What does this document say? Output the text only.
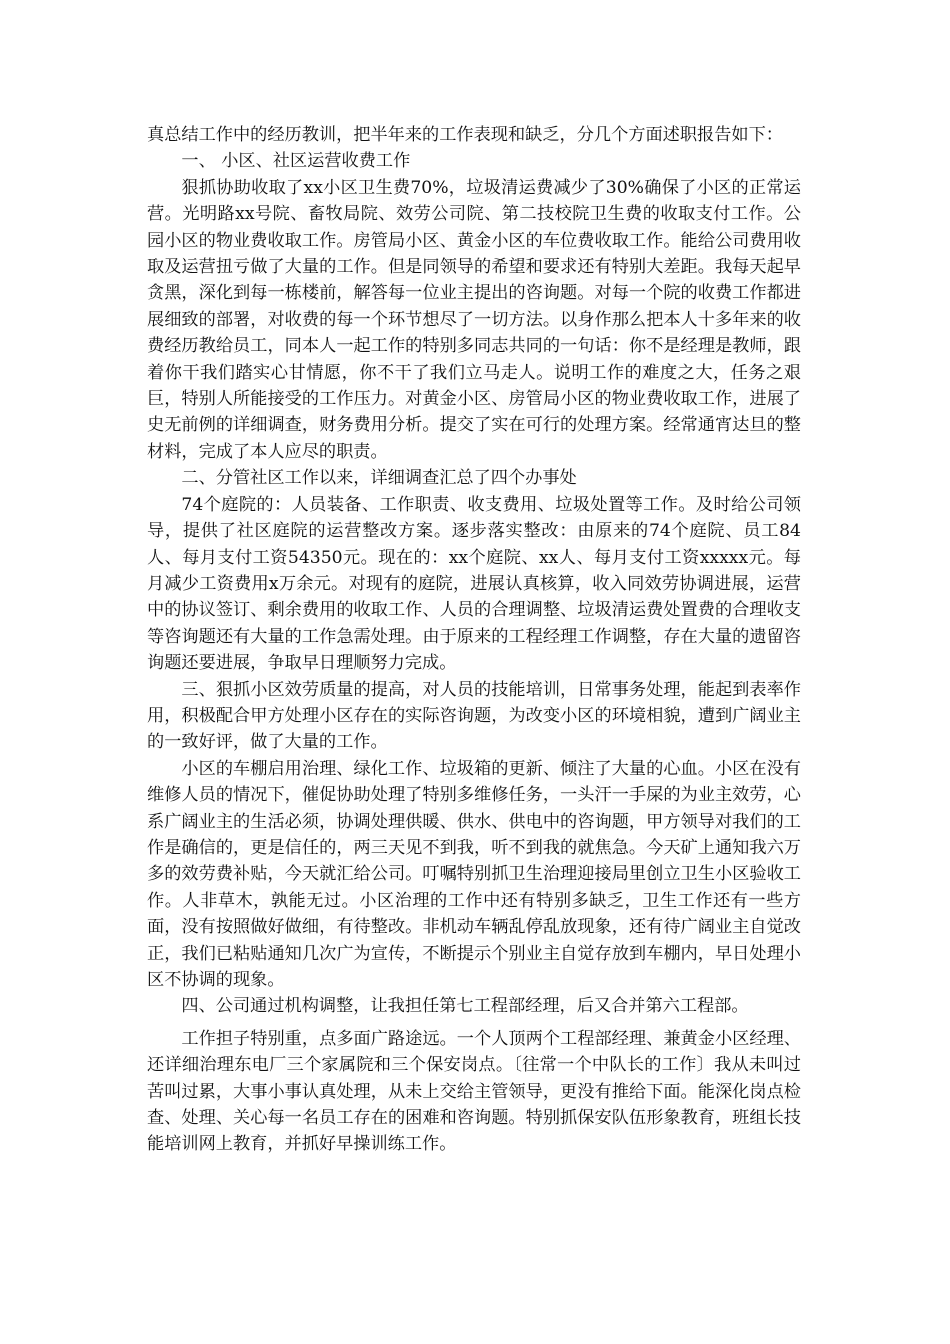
真总结工作中的经历教训，把半年来的工作表现和缺乏，分几个方面述职报告如下：

一、 小区、社区运营收费工作

狠抓协助收取了xx小区卫生费70%，垃圾清运费减少了30%确保了小区的正常运营。光明路xx号院、畜牧局院、效劳公司院、第二技校院卫生费的收取支付工作。公园小区的物业费收取工作。房管局小区、黄金小区的车位费收取工作。能给公司费用收取及运营扭亏做了大量的工作。但是同领导的希望和要求还有特别大差距。我每天起早贪黑，深化到每一栋楼前，解答每一位业主提出的咨询题。对每一个院的收费工作都进展细致的部署，对收费的每一个环节想尽了一切方法。以身作那么把本人十多年来的收费经历教给员工，同本人一起工作的特别多同志共同的一句话：你不是经理是教师，跟着你干我们踏实心甘情愿，你不干了我们立马走人。说明工作的难度之大，任务之艰巨，特别人所能接受的工作压力。对黄金小区、房管局小区的物业费收取工作，进展了史无前例的详细调查，财务费用分析。提交了实在可行的处理方案。经常通宵达旦的整材料，完成了本人应尽的职责。

二、分管社区工作以来，详细调查汇总了四个办事处

74个庭院的：人员装备、工作职责、收支费用、垃圾处置等工作。及时给公司领导，提供了社区庭院的运营整改方案。逐步落实整改：由原来的74个庭院、员工84人、每月支付工资54350元。现在的：xx个庭院、xx人、每月支付工资xxxxx元。每月减少工资费用x万余元。对现有的庭院，进展认真核算，收入同效劳协调进展，运营中的协议签订、剩余费用的收取工作、人员的合理调整、垃圾清运费处置费的合理收支等咨询题还有大量的工作急需处理。由于原来的工程经理工作调整，存在大量的遗留咨询题还要进展，争取早日理顺努力完成。

三、狠抓小区效劳质量的提高，对人员的技能培训，日常事务处理，能起到表率作用，积极配合甲方处理小区存在的实际咨询题，为改变小区的环境相貌，遭到广阔业主的一致好评，做了大量的工作。

小区的车棚启用治理、绿化工作、垃圾箱的更新、倾注了大量的心血。小区在没有维修人员的情况下，催促协助处理了特别多维修任务，一头汗一手屎的为业主效劳，心系广阔业主的生活必须，协调处理供暖、供水、供电中的咨询题，甲方领导对我们的工作是确信的，更是信任的，两三天见不到我，听不到我的就焦急。今天矿上通知我六万多的效劳费补贴，今天就汇给公司。叮嘱特别抓卫生治理迎接局里创立卫生小区验收工作。人非草木，孰能无过。小区治理的工作中还有特别多缺乏，卫生工作还有一些方面，没有按照做好做细，有待整改。非机动车辆乱停乱放现象，还有待广阔业主自觉改正，我们已粘贴通知几次广为宣传，不断提示个别业主自觉存放到车棚内，早日处理小区不协调的现象。

四、公司通过机构调整，让我担任第七工程部经理，后又合并第六工程部。

工作担子特别重，点多面广路途远。一个人顶两个工程部经理、兼黄金小区经理、还详细治理东电厂三个家属院和三个保安岗点。〔往常一个中队长的工作〕我从未叫过苦叫过累，大事小事认真处理，从未上交给主管领导，更没有推给下面。能深化岗点检查、处理、关心每一名员工存在的困难和咨询题。特别抓保安队伍形象教育，班组长技能培训网上教育，并抓好早操训练工作。
